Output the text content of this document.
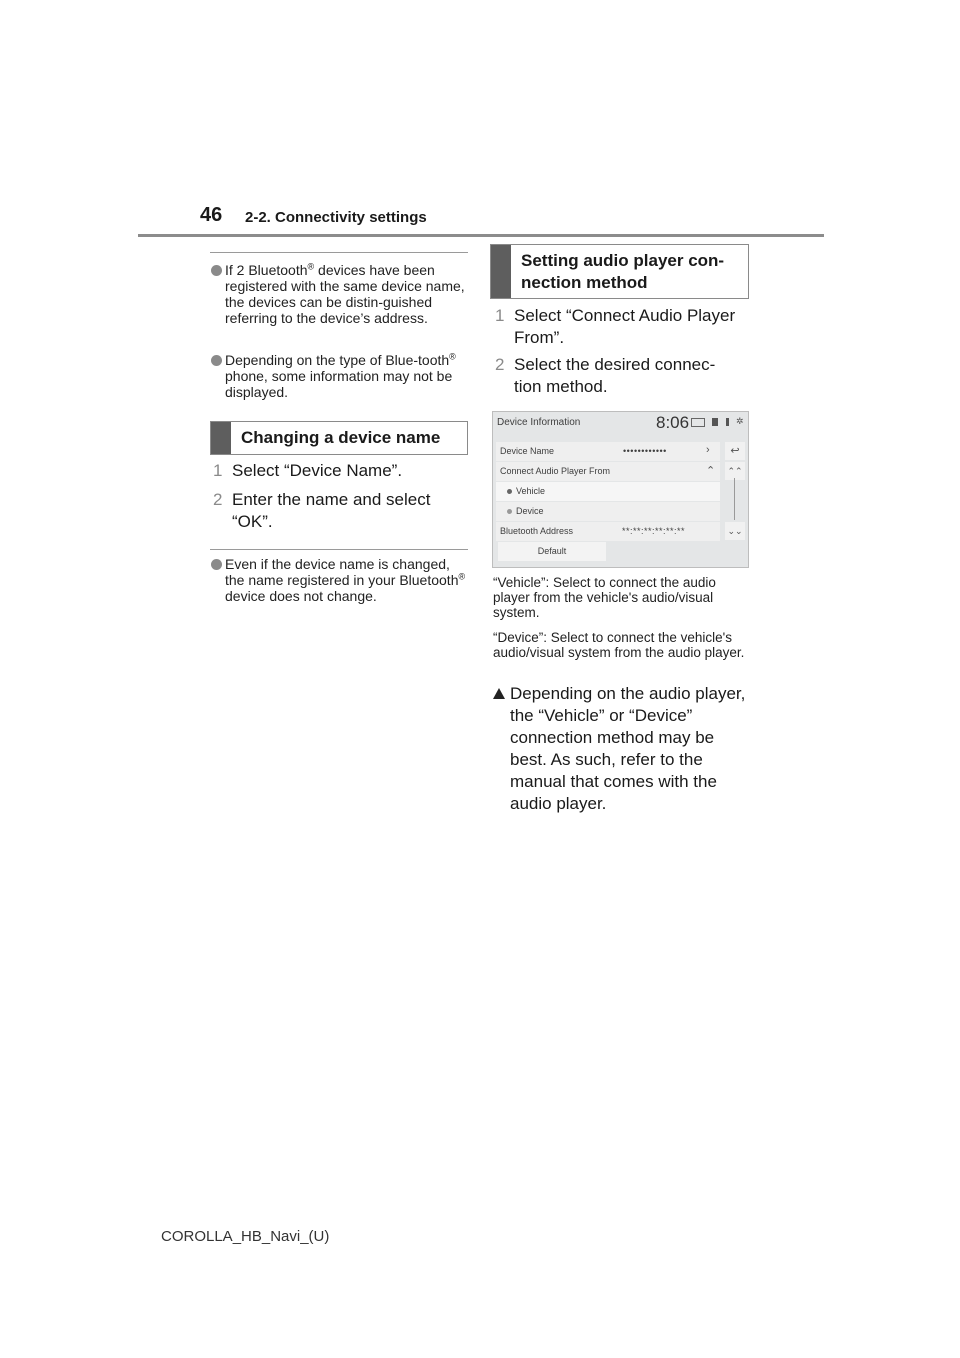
46 2-2. Connectivity settings
If 2 Bluetooth® devices have been registered with the same device name, the devices can be distin-guished referring to the device’s address.
Depending on the type of Blue-tooth® phone, some information may not be displayed.
Changing a device name
1 Select “Device Name”.
2 Enter the name and select “OK”.
Even if the device name is changed, the name registered in your Bluetooth® device does not change.
Setting audio player con-nection method
1 Select “Connect Audio Player From”.
2 Select the desired connec-tion method.
Device Information	8:06	✲
Device Name	••••••••••••	›
Connect Audio Player From	⌃
Vehicle
Device
Bluetooth Address	**:**:**:**:**:**
Default
↩
⌃⌃
⌄⌄
“Vehicle”: Select to connect the audio player from the vehicle's audio/visual system.
“Device”: Select to connect the vehicle's audio/visual system from the audio player.
Depending on the audio player, the “Vehicle” or “Device” connection method may be best. As such, refer to the manual that comes with the audio player.
COROLLA_HB_Navi_(U)
